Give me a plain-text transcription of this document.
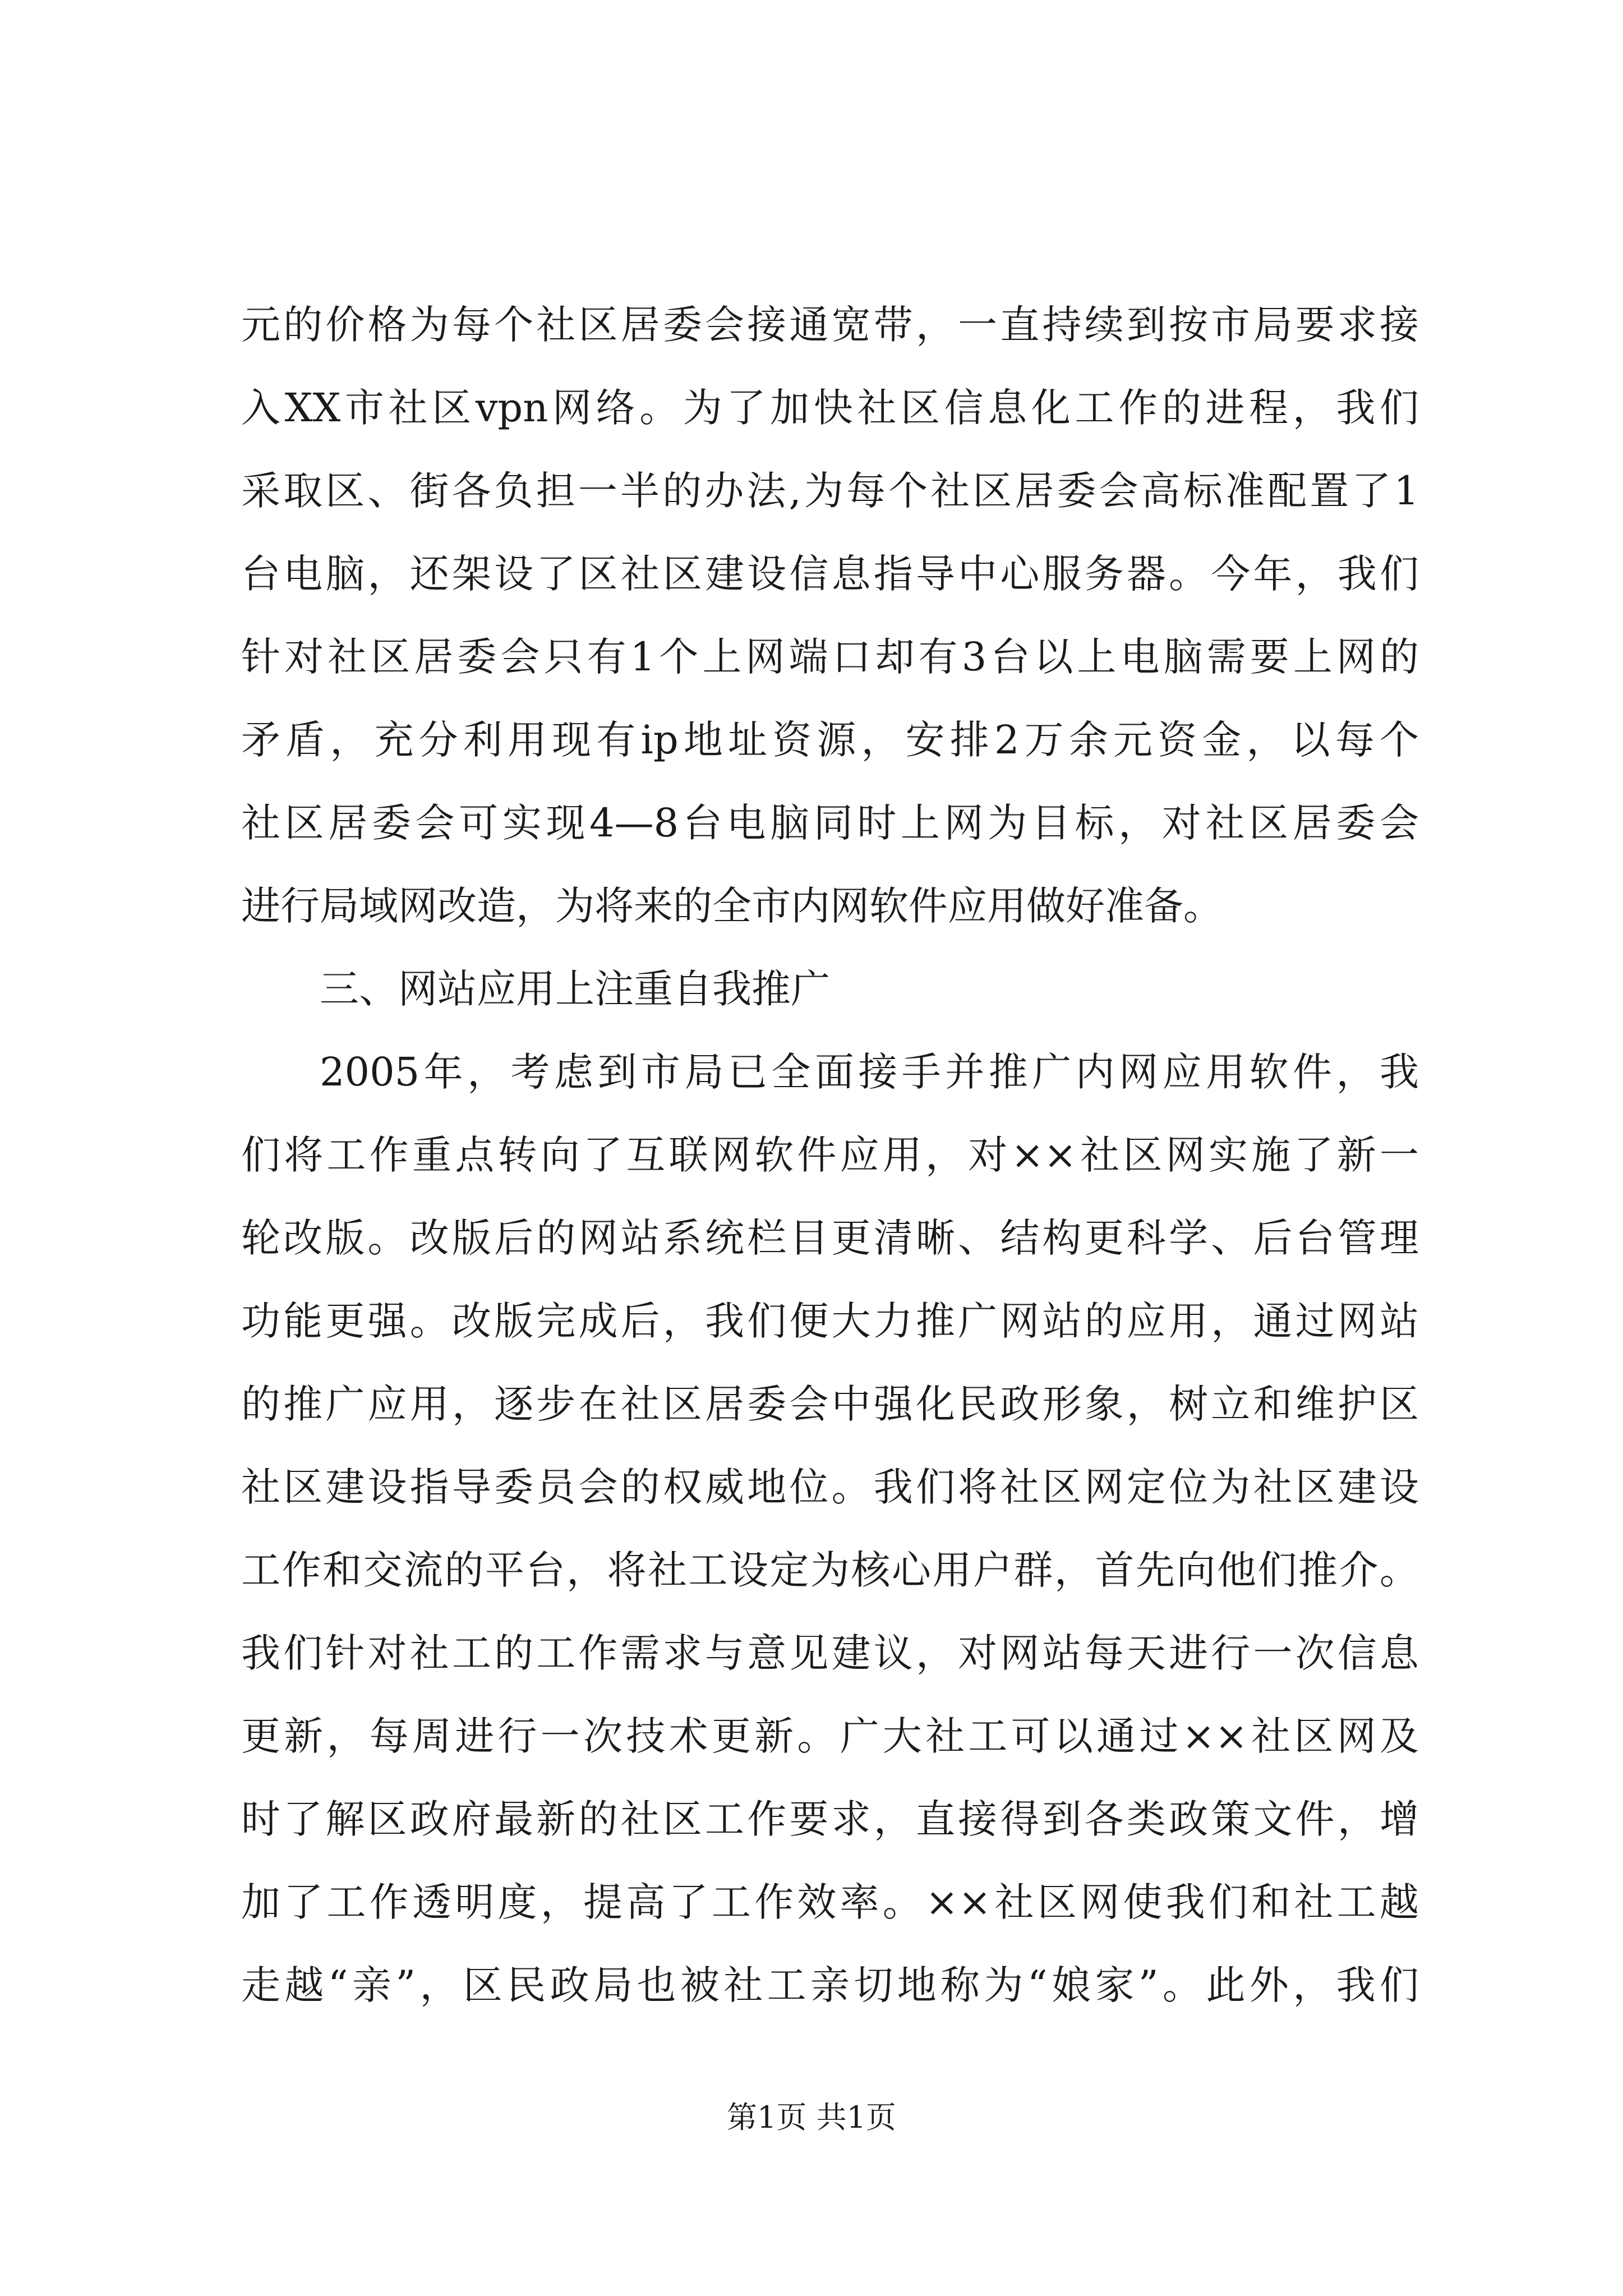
元的价格为每个社区居委会接通宽带，一直持续到按市局要求接
入XX市社区vpn网络。为了加快社区信息化工作的进程，我们
采取区、街各负担一半的办法,为每个社区居委会高标准配置了1
台电脑，还架设了区社区建设信息指导中心服务器。今年，我们
针对社区居委会只有1个上网端口却有3台以上电脑需要上网的
矛盾，充分利用现有ip地址资源，安排2万余元资金，以每个
社区居委会可实现4—8台电脑同时上网为目标，对社区居委会
进行局域网改造，为将来的全市内网软件应用做好准备。
三、网站应用上注重自我推广
2005年，考虑到市局已全面接手并推广内网应用软件，我
们将工作重点转向了互联网软件应用，对××社区网实施了新一
轮改版。改版后的网站系统栏目更清晰、结构更科学、后台管理
功能更强。改版完成后，我们便大力推广网站的应用，通过网站
的推广应用，逐步在社区居委会中强化民政形象，树立和维护区
社区建设指导委员会的权威地位。我们将社区网定位为社区建设
工作和交流的平台，将社工设定为核心用户群，首先向他们推介。
我们针对社工的工作需求与意见建议，对网站每天进行一次信息
更新，每周进行一次技术更新。广大社工可以通过××社区网及
时了解区政府最新的社区工作要求，直接得到各类政策文件，增
加了工作透明度，提高了工作效率。××社区网使我们和社工越
走越“亲”，区民政局也被社工亲切地称为“娘家”。此外，我们
第1页 共1页
